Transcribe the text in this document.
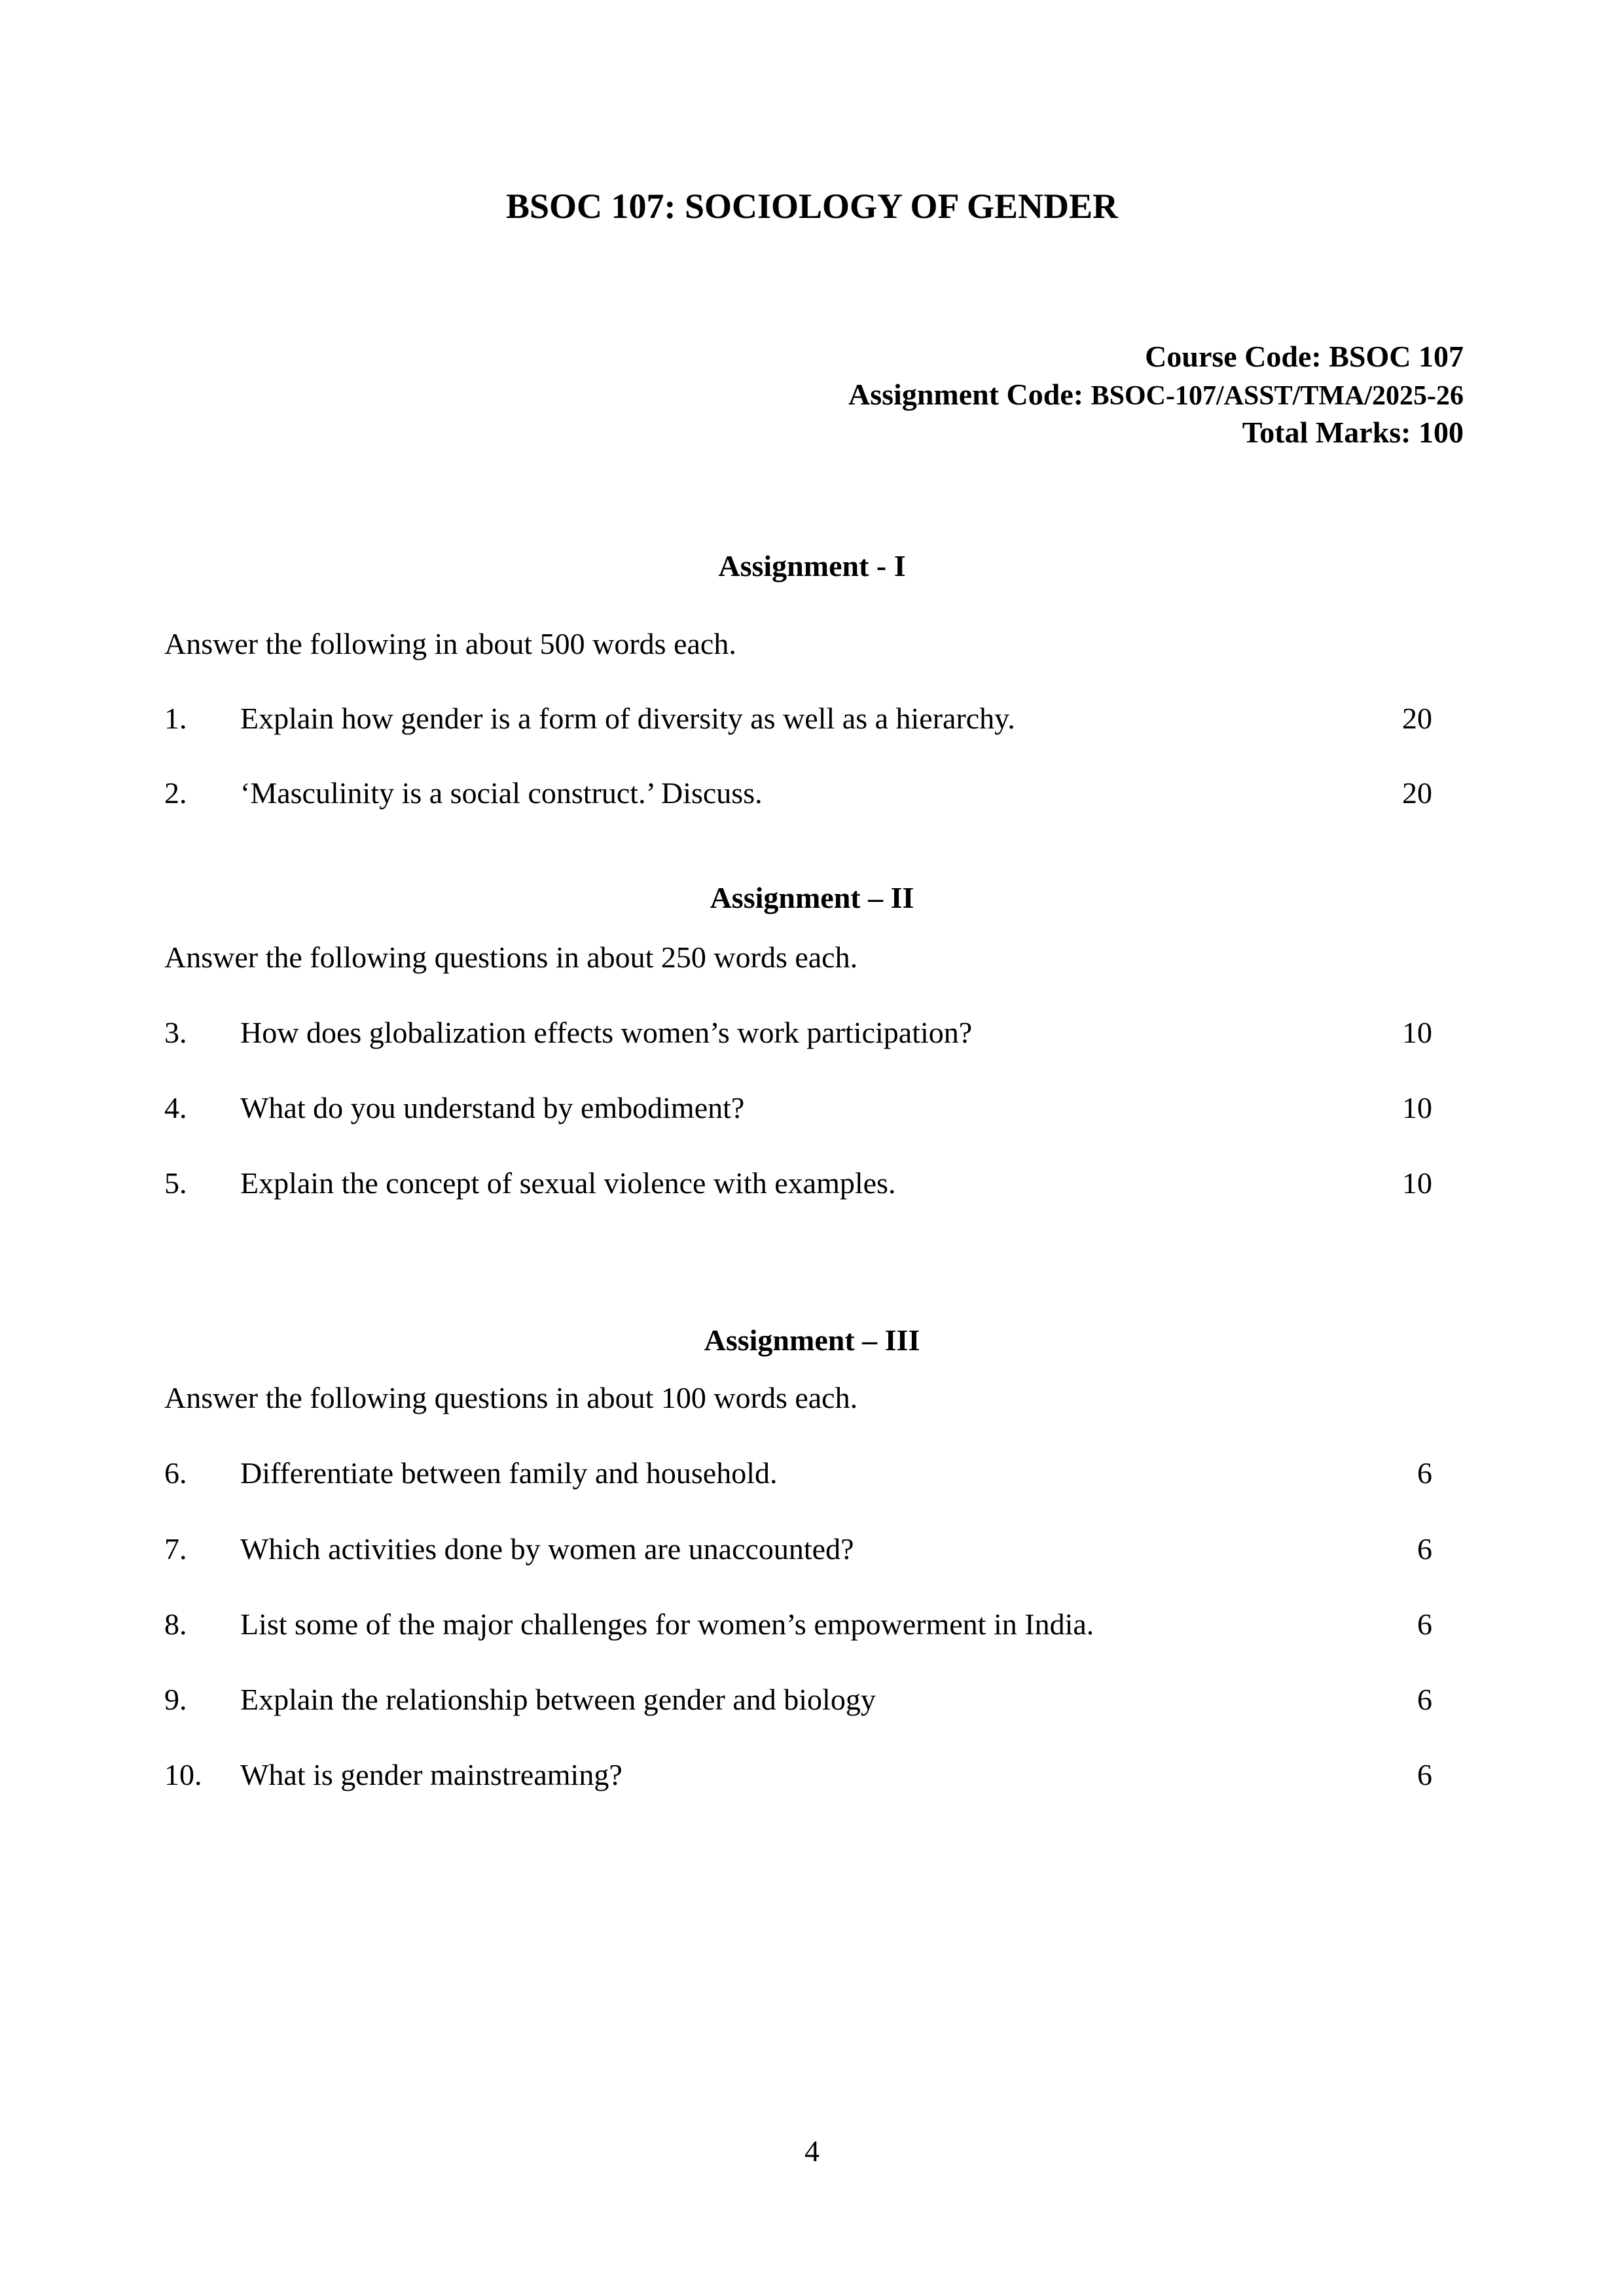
BSOC 107: SOCIOLOGY OF GENDER
Course Code: BSOC 107
Assignment Code: BSOC-107/ASST/TMA/2025-26
Total Marks: 100
Assignment - I
Answer the following in about 500 words each.
1. Explain how gender is a form of diversity as well as a hierarchy.	20
2. ‘Masculinity is a social construct.’ Discuss.	20
Assignment – II
Answer the following questions in about 250 words each.
3. How does globalization effects women’s work participation?	10
4. What do you understand by embodiment?	10
5. Explain the concept of sexual violence with examples.	10
Assignment – III
Answer the following questions in about 100 words each.
6. Differentiate between family and household.	6
7. Which activities done by women are unaccounted?	6
8. List some of the major challenges for women’s empowerment in India.	6
9. Explain the relationship between gender and biology	6
10. What is gender mainstreaming?	6
4
